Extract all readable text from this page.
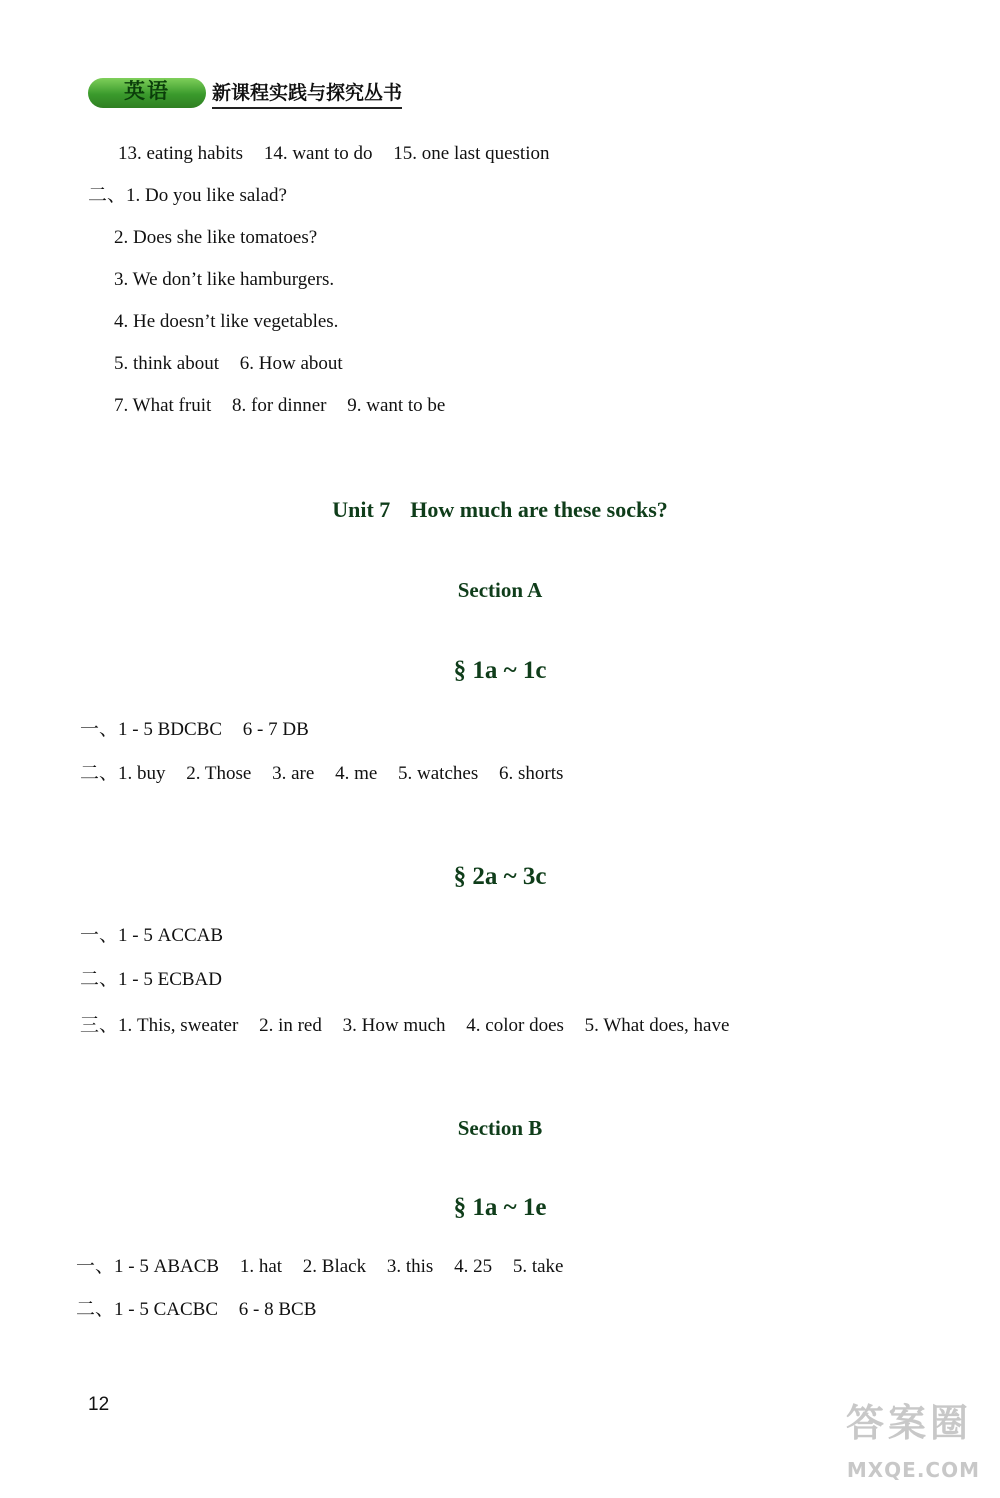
英语	新课程实践与探究丛书
13. eating habits 14. want to do 15. one last question
二、1. Do you like salad?
2. Does she like tomatoes?
3. We don’t like hamburgers.
4. He doesn’t like vegetables.
5. think about 6. How about
7. What fruit 8. for dinner 9. want to be
Unit 7 How much are these socks?
Section A
§ 1a ~ 1c
一、1 - 5 BDCBC 6 - 7 DB
二、1. buy 2. Those 3. are 4. me 5. watches 6. shorts
§ 2a ~ 3c
一、1 - 5 ACCAB
二、1 - 5 ECBAD
三、1. This, sweater 2. in red 3. How much 4. color does 5. What does, have
Section B
§ 1a ~ 1e
一、1 - 5 ABACB 1. hat 2. Black 3. this 4. 25 5. take
二、1 - 5 CACBC 6 - 8 BCB
12	答案圈
MXQE.COM
